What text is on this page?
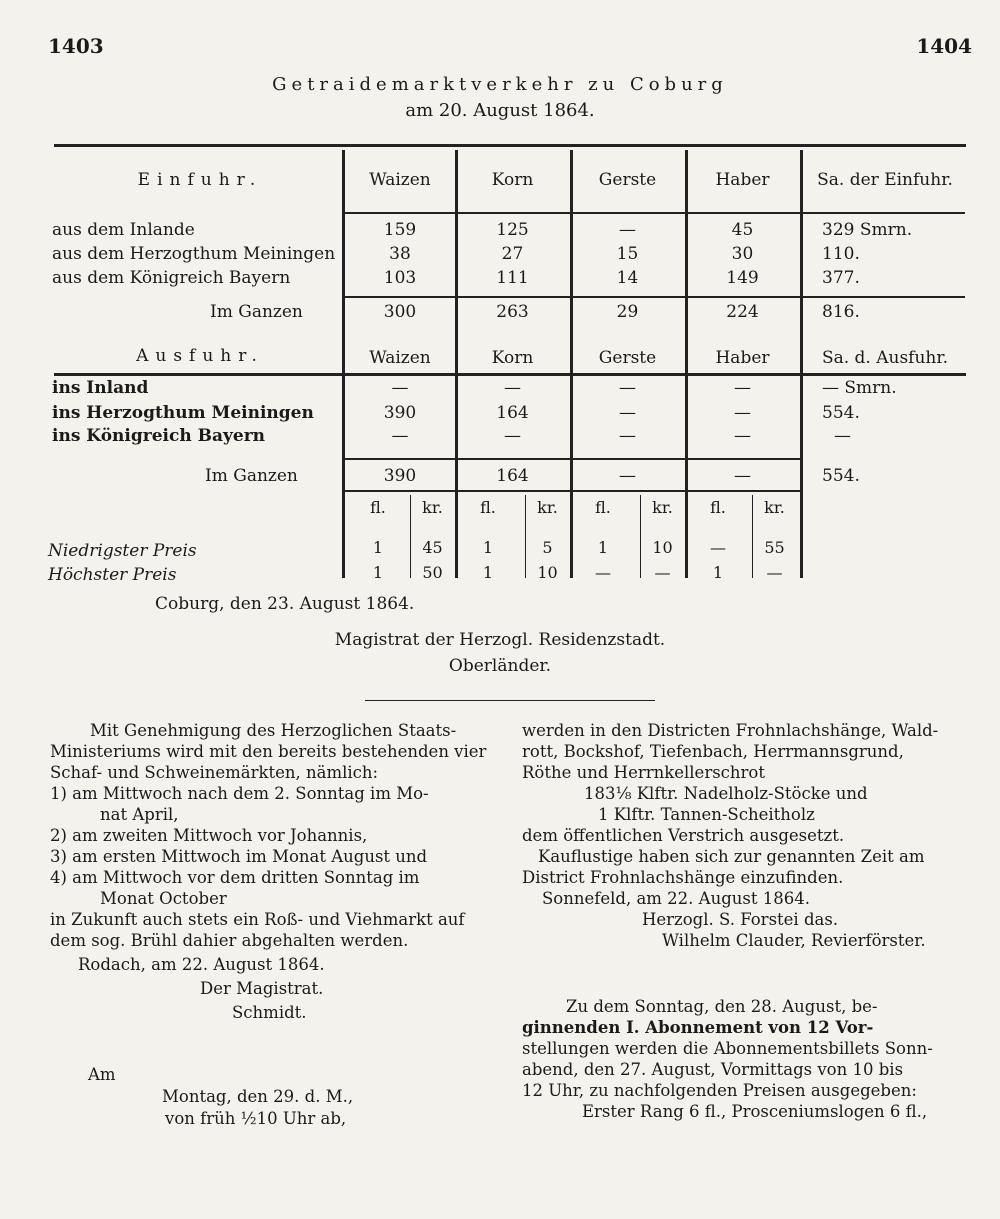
1403	1404
Getraidemarktverkehr zu Coburg
am 20. August 1864.
Einfuhr.	Waizen	Korn	Gerste	Haber	Sa. der Einfuhr.
aus dem Inlande	159	125	—	45	329 Smrn.
aus dem Herzogthum Meiningen	38	27	15	30	110.
aus dem Königreich Bayern	103	111	14	149	377.
Im Ganzen	300	263	29	224	816.
Ausfuhr.	Waizen	Korn	Gerste	Haber	Sa. d. Ausfuhr.
ins Inland	—	—	—	—	— Smrn.
ins Herzogthum Meiningen	390	164	—	—	554.
ins Königreich Bayern	—	—	—	—	—
Im Ganzen	390	164	—	—	554.
fl.	kr.	fl.	kr.	fl.	kr.	fl.	kr.
Niedrigster Preis	1	45	1	5	1	10	—	55
Höchster Preis	1	50	1	10	—	—	1	—
Coburg, den 23. August 1864.
Magistrat der Herzogl. Residenzstadt.
Oberländer.
Mit Genehmigung des Herzoglichen Staats-
Ministeriums wird mit den bereits bestehenden vier
Schaf- und Schweinemärkten, nämlich:
1) am Mittwoch nach dem 2. Sonntag im Mo-
nat April,
2) am zweiten Mittwoch vor Johannis,
3) am ersten Mittwoch im Monat August und
4) am Mittwoch vor dem dritten Sonntag im
Monat October
in Zukunft auch stets ein Roß- und Viehmarkt auf
dem sog. Brühl dahier abgehalten werden.
Rodach, am 22. August 1864.
Der Magistrat.
Schmidt.
Am
Montag, den 29. d. M.,
von früh ½10 Uhr ab,
werden in den Districten Frohnlachshänge, Wald-
rott, Bockshof, Tiefenbach, Herrmannsgrund,
Röthe und Herrnkellerschrot
183⅛ Klftr. Nadelholz-Stöcke und
1 Klftr. Tannen-Scheitholz
dem öffentlichen Verstrich ausgesetzt.
Kauflustige haben sich zur genannten Zeit am
District Frohnlachshänge einzufinden.
Sonnefeld, am 22. August 1864.
Herzogl. S. Forstei das.
Wilhelm Clauder, Revierförster.
Zu dem Sonntag, den 28. August, be-
ginnenden I. Abonnement von 12 Vor-
stellungen werden die Abonnementsbillets Sonn-
abend, den 27. August, Vormittags von 10 bis
12 Uhr, zu nachfolgenden Preisen ausgegeben:
Erster Rang 6 fl., Prosceniumslogen 6 fl.,
